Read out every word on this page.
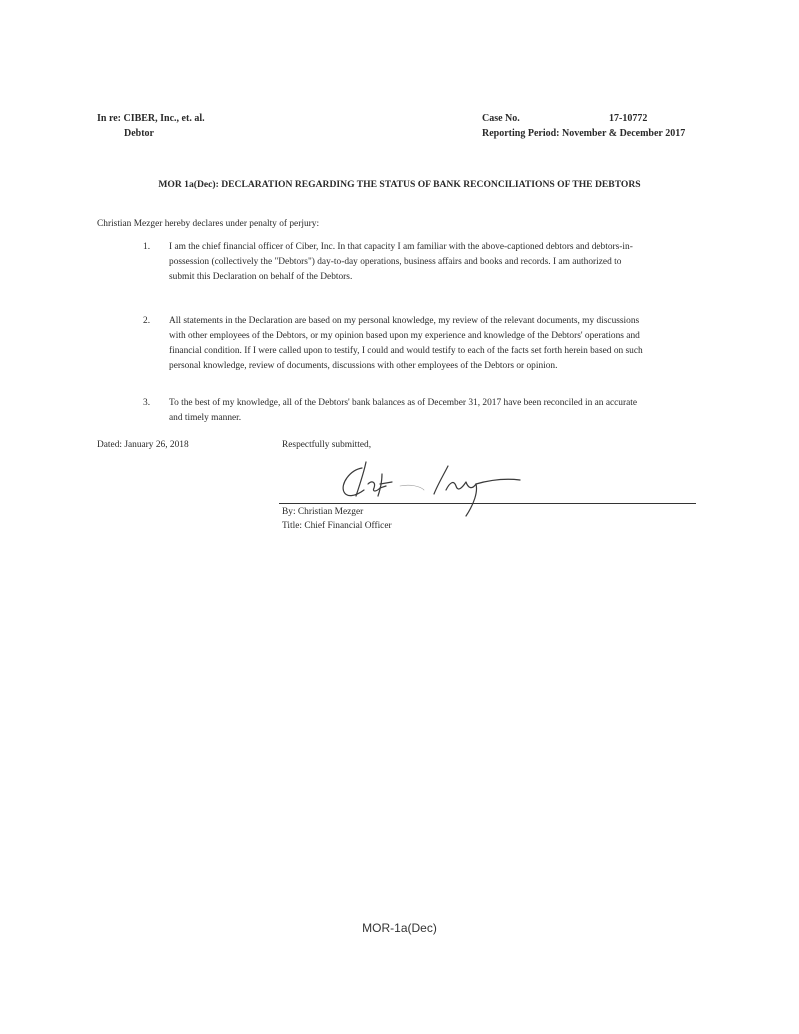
In re: CIBER, Inc., et. al.
Debtor
Case No.	17-10772
Reporting Period: November & December 2017
MOR 1a(Dec): DECLARATION REGARDING THE STATUS OF BANK RECONCILIATIONS OF THE DEBTORS
Christian Mezger hereby declares under penalty of perjury:
1. I am the chief financial officer of Ciber, Inc. In that capacity I am familiar with the above-captioned debtors and debtors-in-
possession (collectively the "Debtors") day-to-day operations, business affairs and books and records. I am authorized to
submit this Declaration on behalf of the Debtors.
2. All statements in the Declaration are based on my personal knowledge, my review of the relevant documents, my discussions
with other employees of the Debtors, or my opinion based upon my experience and knowledge of the Debtors' operations and
financial condition. If I were called upon to testify, I could and would testify to each of the facts set forth herein based on such
personal knowledge, review of documents, discussions with other employees of the Debtors or opinion.
3. To the best of my knowledge, all of the Debtors' bank balances as of December 31, 2017 have been reconciled in an accurate
and timely manner.
Dated: January 26, 2018	Respectfully submitted,
By: Christian Mezger
Title: Chief Financial Officer
MOR-1a(Dec)
